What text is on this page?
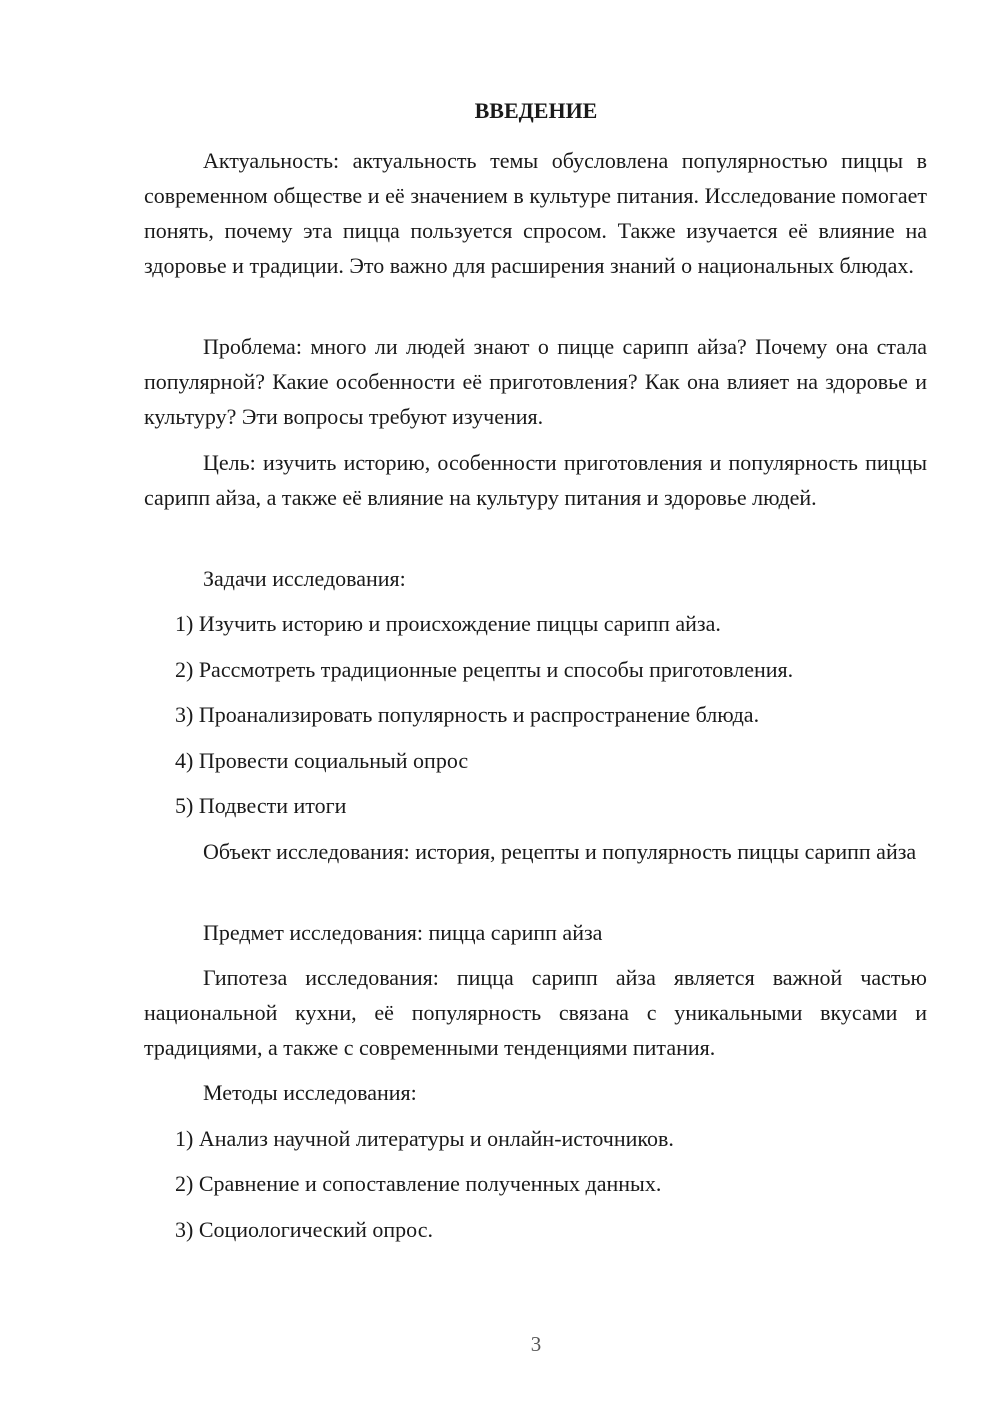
ВВЕДЕНИЕ
Актуальность: актуальность темы обусловлена популярностью пиццы в современном обществе и её значением в культуре питания. Исследование помогает понять, почему эта пицца пользуется спросом. Также изучается её влияние на здоровье и традиции. Это важно для расширения знаний о национальных блюдах.
Проблема: много ли людей знают о пицце сарипп айза? Почему она стала популярной? Какие особенности её приготовления? Как она влияет на здоровье и культуру? Эти вопросы требуют изучения.
Цель: изучить историю, особенности приготовления и популярность пиццы сарипп айза, а также её влияние на культуру питания и здоровье людей.
Задачи исследования:
1) Изучить историю и происхождение пиццы сарипп айза.
2) Рассмотреть традиционные рецепты и способы приготовления.
3) Проанализировать популярность и распространение блюда.
4) Провести социальный опрос
5) Подвести итоги
Объект исследования: история, рецепты и популярность пиццы сарипп айза
Предмет исследования: пицца сарипп айза
Гипотеза исследования: пицца сарипп айза является важной частью национальной кухни, её популярность связана с уникальными вкусами и традициями, а также с современными тенденциями питания.
Методы исследования:
1) Анализ научной литературы и онлайн-источников.
2) Сравнение и сопоставление полученных данных.
3) Социологический опрос.
3
